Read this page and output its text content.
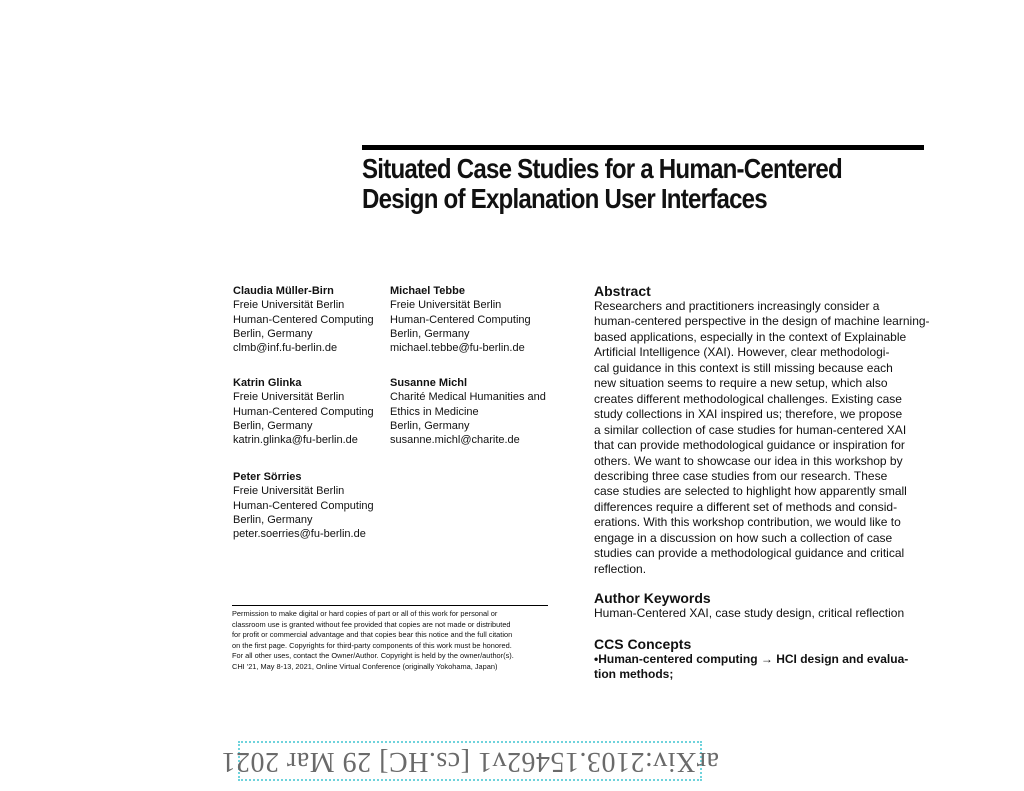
Situated Case Studies for a Human-Centered
Design of Explanation User Interfaces
Claudia Müller-Birn
Freie Universität Berlin
Human-Centered Computing
Berlin, Germany
clmb@inf.fu-berlin.de
Michael Tebbe
Freie Universität Berlin
Human-Centered Computing
Berlin, Germany
michael.tebbe@fu-berlin.de
Katrin Glinka
Freie Universität Berlin
Human-Centered Computing
Berlin, Germany
katrin.glinka@fu-berlin.de
Susanne Michl
Charité Medical Humanities and
Ethics in Medicine
Berlin, Germany
susanne.michl@charite.de
Peter Sörries
Freie Universität Berlin
Human-Centered Computing
Berlin, Germany
peter.soerries@fu-berlin.de
Permission to make digital or hard copies of part or all of this work for personal or
classroom use is granted without fee provided that copies are not made or distributed
for profit or commercial advantage and that copies bear this notice and the full citation
on the first page. Copyrights for third-party components of this work must be honored.
For all other uses, contact the Owner/Author. Copyright is held by the owner/author(s).
CHI '21, May 8-13, 2021, Online Virtual Conference (originally Yokohama, Japan)
Abstract
Researchers and practitioners increasingly consider a
human-centered perspective in the design of machine learning-
based applications, especially in the context of Explainable
Artificial Intelligence (XAI). However, clear methodologi-
cal guidance in this context is still missing because each
new situation seems to require a new setup, which also
creates different methodological challenges. Existing case
study collections in XAI inspired us; therefore, we propose
a similar collection of case studies for human-centered XAI
that can provide methodological guidance or inspiration for
others. We want to showcase our idea in this workshop by
describing three case studies from our research. These
case studies are selected to highlight how apparently small
differences require a different set of methods and consid-
erations. With this workshop contribution, we would like to
engage in a discussion on how such a collection of case
studies can provide a methodological guidance and critical
reflection.
Author Keywords
Human-Centered XAI, case study design, critical reflection
CCS Concepts
•Human-centered computing → HCI design and evalua-
tion methods;
arXiv:2103.15462v1 [cs.HC] 29 Mar 2021
